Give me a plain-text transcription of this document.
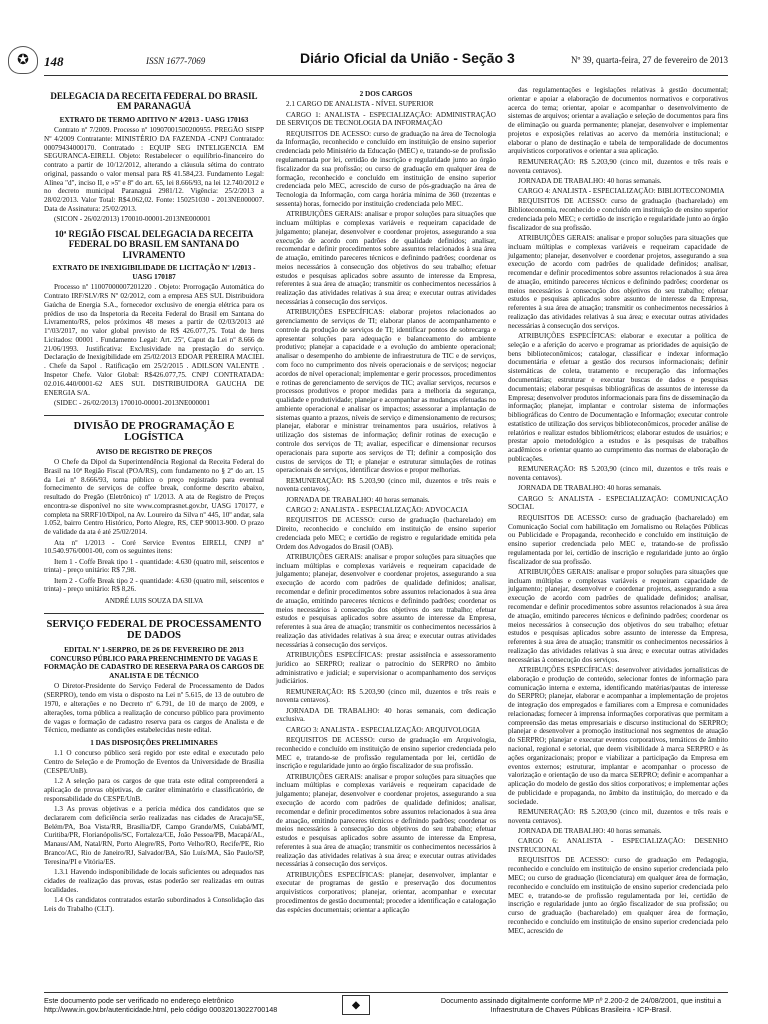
✪	148	ISSN 1677-7069	Diário Oficial da União - Seção 3	Nº 39, quarta-feira, 27 de fevereiro de 2013
DELEGACIA DA RECEITA FEDERAL DO BRASIL EM PARANAGUÁ

EXTRATO DE TERMO ADITIVO Nº 4/2013 - UASG 170163

Contrato nº 7/2009. Processo nº 10907001500200955. PREGÃO SISPP Nº 4/2009 Contratante: MINISTÉRIO DA FAZENDA -CNPJ Contratado: 00079434000170. Contratado : EQUIP SEG INTELIGENCIA EM SEGURANCA-EIRELI. Objeto: Restabelecer o equilíbrio-financeiro do contrato a partir de 10/12/2012, alterando a cláusula sétima do contrato original, passando o valor mensal para R$ 41.584,23. Fundamento Legal: Alínea "d", inciso II, e »5º e 8º do art. 65, lei 8.666/93, na lei 12.740/2012 e no decreto municipal Paranaguá 2981/12. Vigência: 25/2/2013 a 28/02/2013. Valor Total: R$4.062,02. Fonte: 150251030 - 2013NE000007. Data de Assinatura: 25/02/2013.

(SICON - 26/02/2013) 170010-00001-2013NE000001

10ª REGIÃO FISCAL DELEGACIA DA RECEITA FEDERAL DO BRASIL EM SANTANA DO LIVRAMENTO

EXTRATO DE INEXIGIBILIDADE DE LICITAÇÃO Nº 1/2013 - UASG 170187

Processo nº 11007000007201220 . Objeto: Prorrogação Automática do Contrato IRF/SLV/RS Nº 02/2012, com a empresa AES SUL Distribuidora Gaúcha de Energia S.A., fornecedor exclusivo de energia elétrica para os prédios de uso da Inspetoria da Receita Federal do Brasil em Santana do Livramento/RS, pelos próximos 48 meses a partir de 02/03/2013 até 1º/03/2017, no valor global previsto de R$ 426.077,75. Total de Itens Licitados: 00001 . Fundamento Legal: Art. 25º, Caput da Lei nº 8.666 de 21/06/1993. Justificativa: Exclusividade na prestação do serviço. Declaração de Inexigibilidade em 25/02/2013 EDOAR PEREIRA MACIEL . Chefe da Sapol . Ratificação em 25/2/2015 . ADILSON VALENTE . Inspetor Chefe. Valor Global: R$426.077,75. CNPJ CONTRATADA: 02.016.440/0001-62 AES SUL DISTRIBUIDORA GAUCHA DE ENERGIA S/A.

(SIDEC - 26/02/2013) 170010-00001-2013NE000001

DIVISÃO DE PROGRAMAÇÃO E LOGÍSTICA

AVISO DE REGISTRO DE PREÇOS

O Chefe da Dipol da Superintendência Regional da Receita Federal do Brasil na 10ª Região Fiscal (POA/RS), com fundamento no § 2º do art. 15 da Lei nº 8.666/93, torna público o preço registrado para eventual fornecimento de serviços de coffee break, conforme descrito abaixo, resultado do Pregão (Eletrônico) nº 1/2013. A ata de Registro de Preços encontra-se disponível no site www.comprasnet.gov.br, UASG 170177, e completa na SRRF10/Dipol, na Av. Loureiro da Silva nº 445, 10º andar, sala 1.052, bairro Centro Histórico, Porto Alegre, RS, CEP 90013-900. O prazo de validade da ata é até 25/02/2014.

Ata nº 1/2013 - Coré Service Eventos EIRELI, CNPJ nº 10.540.976/0001-00, com os seguintes itens:

Item 1 - Coffe Break tipo 1 - quantidade: 4.630 (quatro mil, seiscentos e trinta) - preço unitário: R$ 7,98.

Item 2 - Coffe Break tipo 2 - quantidade: 4.630 (quatro mil, seiscentos e trinta) - preço unitário: R$ 8,26.

ANDRÉ LUIS SOUZA DA SILVA

SERVIÇO FEDERAL DE PROCESSAMENTO DE DADOS

EDITAL Nº 1-SERPRO, DE 26 DE FEVEREIRO DE 2013 CONCURSO PÚBLICO PARA PREENCHIMENTO DE VAGAS E FORMAÇÃO DE CADASTRO DE RESERVA PARA OS CARGOS DE ANALISTA E DE TÉCNICO

O Diretor-Presidente do Serviço Federal de Processamento de Dados (SERPRO), tendo em vista o disposto na Lei nº 5.615, de 13 de outubro de 1970, e alterações e no Decreto nº 6.791, de 10 de março de 2009, e alterações, torna pública a realização de concurso público para provimento de vagas e formação de cadastro reserva para os cargos de Analista e de Técnico, mediante as condições estabelecidas neste edital.

1 DAS DISPOSIÇÕES PRELIMINARES

1.1 O concurso público será regido por este edital e executado pelo Centro de Seleção e de Promoção de Eventos da Universidade de Brasília (CESPE/UnB).

1.2 A seleção para os cargos de que trata este edital compreenderá a aplicação de provas objetivas, de caráter eliminatório e classificatório, de responsabilidade do CESPE/UnB.

1.3 As provas objetivas e a perícia médica dos candidatos que se declararem com deficiência serão realizadas nas cidades de Aracaju/SE, Belém/PA, Boa Vista/RR, Brasília/DF, Campo Grande/MS, Cuiabá/MT, Curitiba/PR, Florianópolis/SC, Fortaleza/CE, João Pessoa/PB, Macapá/AL, Manaus/AM, Natal/RN, Porto Alegre/RS, Porto Velho/RO, Recife/PE, Rio Branco/AC, Rio de Janeiro/RJ, Salvador/BA, São Luís/MA, São Paulo/SP, Teresina/PI e Vitória/ES.

1.3.1 Havendo indisponibilidade de locais suficientes ou adequados nas cidades de realização das provas, estas poderão ser realizadas em outras localidades.

1.4 Os candidatos contratados estarão subordinados à Consolidação das Leis do Trabalho (CLT).

2 DOS CARGOS

2.1 CARGO DE ANALISTA - NÍVEL SUPERIOR

CARGO 1: ANALISTA - ESPECIALIZAÇÃO: ADMINISTRAÇÃO DE SERVIÇOS DE TECNOLOGIA DA INFORMAÇÃO

REQUISITOS DE ACESSO: curso de graduação na área de Tecnologia da Informação, reconhecido e concluído em instituição de ensino superior credenciada pelo Ministério da Educação (MEC) e, tratando-se de profissão regulamentada por lei, certidão de inscrição e regularidade junto ao órgão fiscalizador da sua profissão; ou curso de graduação em qualquer área de formação, reconhecido e concluído em instituição de ensino superior credenciada pelo MEC, acrescido de curso de pós-graduação na área de Tecnologia da Informação, com carga horária mínima de 360 (trezentas e sessenta) horas, fornecido por instituição credenciada pelo MEC.

ATRIBUIÇÕES GERAIS: analisar e propor soluções para situações que incluam múltiplas e complexas variáveis e requeiram capacidade de julgamento; planejar, desenvolver e coordenar projetos, assegurando a sua execução de acordo com padrões de qualidade definidos; analisar, recomendar e definir procedimentos sobre assuntos relacionados à sua área de atuação, emitindo pareceres técnicos e definindo padrões; coordenar os meios necessários à consecução dos objetivos do seu trabalho; efetuar estudos e pesquisas aplicados sobre assunto de interesse da Empresa, referentes à sua área de atuação; transmitir os conhecimentos necessários à realização das atividades relativas à sua área; e executar outras atividades necessárias à consecução dos serviços.

ATRIBUIÇÕES ESPECÍFICAS: elaborar projetos relacionados ao gerenciamento de serviços de TI; elaborar planos de acompanhamento e controle da produção de serviços de TI; identificar pontos de sobrecarga e apresentar soluções para adequação e balanceamento do ambiente produtivo; planejar a capacidade e a evolução do ambiente operacional; analisar o desempenho do ambiente de infraestrutura de TIC e de serviços, com foco no cumprimento dos níveis operacionais e de serviços; negociar acordos de nível operacional; implementar e gerir processos, procedimentos e rotinas de gerenciamento de serviços de TIC; avaliar serviços, recursos e processos produtivos e propor medidas para a melhoria da segurança, qualidade e produtividade; planejar e acompanhar as mudanças efetuadas no ambiente operacional e analisar os impactos; assessorar a implantação de sistemas quanto a prazos, níveis de serviço e dimensionamento de recursos; planejar, elaborar e ministrar treinamentos para usuários, relativos à utilização dos sistemas de informação; definir rotinas de execução e controle dos serviços de TI; avaliar, especificar e dimensionar recursos operacionais para suporte aos serviços de TI; definir a composição dos custos de serviços de TI; e planejar e estruturar simulações de rotinas operacionais de serviços, identificar desvios e propor melhorias.

REMUNERAÇÃO: R$ 5.203,90 (cinco mil, duzentos e três reais e noventa centavos).

JORNADA DE TRABALHO: 40 horas semanais.

CARGO 2: ANALISTA - ESPECIALIZAÇÃO: ADVOCACIA

REQUISITOS DE ACESSO: curso de graduação (bacharelado) em Direito, reconhecido e concluído em instituição de ensino superior credenciada pelo MEC; e certidão de registro e regularidade emitida pela Ordem dos Advogados do Brasil (OAB).

ATRIBUIÇÕES GERAIS: analisar e propor soluções para situações que incluam múltiplas e complexas variáveis e requeiram capacidade de julgamento; planejar, desenvolver e coordenar projetos, assegurando a sua execução de acordo com padrões de qualidade definidos; analisar, recomendar e definir procedimentos sobre assuntos relacionados à sua área de atuação, emitindo pareceres técnicos e definindo padrões; coordenar os meios necessários à consecução dos objetivos do seu trabalho; efetuar estudos e pesquisas aplicados sobre assunto de interesse da Empresa, referentes à sua área de atuação; transmitir os conhecimentos necessários à realização das atividades relativas à sua área; e executar outras atividades necessárias à consecução dos serviços.

ATRIBUIÇÕES ESPECÍFICAS: prestar assistência e assessoramento jurídico ao SERPRO; realizar o patrocínio do SERPRO no âmbito administrativo e judicial; e supervisionar o acompanhamento dos serviços judiciários.

REMUNERAÇÃO: R$ 5.203,90 (cinco mil, duzentos e três reais e noventa centavos).

JORNADA DE TRABALHO: 40 horas semanais, com dedicação exclusiva.

CARGO 3: ANALISTA - ESPECIALIZAÇÃO: ARQUIVOLOGIA

REQUISITOS DE ACESSO: curso de graduação em Arquivologia, reconhecido e concluído em instituição de ensino superior credenciada pelo MEC e, tratando-se de profissão regulamentada por lei, certidão de inscrição e regularidade junto ao órgão fiscalizador de sua profissão.

ATRIBUIÇÕES GERAIS: analisar e propor soluções para situações que incluam múltiplas e complexas variáveis e requeiram capacidade de julgamento; planejar, desenvolver e coordenar projetos, assegurando a sua execução de acordo com padrões de qualidade definidos; analisar, recomendar e definir procedimentos sobre assuntos relacionados à sua área de atuação, emitindo pareceres técnicos e definindo padrões; coordenar os meios necessários à consecução dos objetivos do seu trabalho; efetuar estudos e pesquisas aplicados sobre assunto de interesse da Empresa, referentes à sua área de atuação; transmitir os conhecimentos necessários à realização das atividades relativas à sua área; e executar outras atividades necessárias à consecução dos serviços.

ATRIBUIÇÕES ESPECÍFICAS: planejar, desenvolver, implantar e executar de programas de gestão e preservação dos documentos arquivísticos corporativos; planejar, orientar, acompanhar e executar procedimentos de gestão documental; proceder a identificação e catalogação das espécies documentais; orientar a aplicação

das regulamentações e legislações relativas à gestão documental; orientar e apoiar a elaboração de documentos normativos e corporativos acerca do tema; orientar, apoiar e acompanhar o desenvolvimento de sistemas de arquivos; orientar a avaliação e seleção de documentos para fins de eliminação ou guarda permanente; planejar, desenvolver e implementar projetos e exposições relativas ao acervo da memória institucional; e elaborar o plano de destinação e tabela de temporalidade de documentos arquivísticos corporativos e orientar a sua aplicação.

REMUNERAÇÃO: R$ 5.203,90 (cinco mil, duzentos e três reais e noventa centavos).

JORNADA DE TRABALHO: 40 horas semanais.

CARGO 4: ANALISTA - ESPECIALIZAÇÃO: BIBLIOTECONOMIA

REQUISITOS DE ACESSO: curso de graduação (bacharelado) em Biblioteconomia, reconhecido e concluído em instituição de ensino superior credenciada pelo MEC; e certidão de inscrição e regularidade junto ao órgão fiscalizador de sua profissão.

ATRIBUIÇÕES GERAIS: analisar e propor soluções para situações que incluam múltiplas e complexas variáveis e requeiram capacidade de julgamento; planejar, desenvolver e coordenar projetos, assegurando a sua execução de acordo com padrões de qualidade definidos; analisar, recomendar e definir procedimentos sobre assuntos relacionados à sua área de atuação, emitindo pareceres técnicos e definindo padrões; coordenar os meios necessários à consecução dos objetivos do seu trabalho; efetuar estudos e pesquisas aplicados sobre assunto de interesse da Empresa, referentes à sua área de atuação; transmitir os conhecimentos necessários à realização das atividades relativas à sua área; e executar outras atividades necessárias à consecução dos serviços.

ATRIBUIÇÕES ESPECÍFICAS: elaborar e executar a política de seleção e a aferição do acervo e programar as prioridades de aquisição de bens biblioteconômicos; catalogar, classificar e indexar informação documentária e efetuar a gestão dos recursos informacionais; definir sistemáticas de coleta, tratamento e recuperação das informações documentárias; estruturar e executar buscas de dados e pesquisas documentais; elaborar pesquisas bibliográficas de assuntos de interesse da Empresa; desenvolver produtos informacionais para fins de disseminação da informação; planejar, implantar e controlar sistema de informações bibliográficas do Centro de Documentação e Informação; executar controle estatístico de utilização dos serviços biblioteconômicos, proceder análise de relatórios e realizar estudos bibliométricos; elaborar estudos de usuários; e prestar apoio metodológico a estudos e às pesquisas de trabalhos acadêmicos e orientar quanto ao cumprimento das normas de elaboração de publicações.

REMUNERAÇÃO: R$ 5.203,90 (cinco mil, duzentos e três reais e noventa centavos).

JORNADA DE TRABALHO: 40 horas semanais.

CARGO 5: ANALISTA - ESPECIALIZAÇÃO: COMUNICAÇÃO SOCIAL

REQUISITOS DE ACESSO: curso de graduação (bacharelado) em Comunicação Social com habilitação em Jornalismo ou Relações Públicas ou Publicidade e Propaganda, reconhecido e concluído em instituição de ensino superior credenciada pelo MEC e, tratando-se de profissão regulamentada por lei, certidão de inscrição e regularidade junto ao órgão fiscalizador de sua profissão.

ATRIBUIÇÕES GERAIS: analisar e propor soluções para situações que incluam múltiplas e complexas variáveis e requeiram capacidade de julgamento; planejar, desenvolver e coordenar projetos, assegurando a sua execução de acordo com padrões de qualidade definidos; analisar, recomendar e definir procedimentos sobre assuntos relacionados à sua área de atuação, emitindo pareceres técnicos e definindo padrões; coordenar os meios necessários à consecução dos objetivos do seu trabalho; efetuar estudos e pesquisas aplicados sobre assunto de interesse da Empresa, referentes à sua área de atuação; transmitir os conhecimentos necessários à realização das atividades relativas à sua área; e executar outras atividades necessárias à consecução dos serviços.

ATRIBUIÇÕES ESPECÍFICAS: desenvolver atividades jornalísticas de elaboração e produção de conteúdo, selecionar fontes de informação para comunicação interna e externa, identificando matérias/pautas de interesse do SERPRO; planejar, elaborar e acompanhar a implementação de projetos de integração dos empregados e familiares com a Empresa e comunidades relacionadas; fornecer à imprensa informações corporativas que permitam a compreensão das metas empresariais e discurso institucional do SERPRO; planejar e desenvolver a promoção institucional nos segmentos de atuação do SERPRO; planejar e executar eventos corporativos, temáticos de âmbito nacional, regional e setorial, que deem visibilidade à marca SERPRO e às ações organizacionais; propor e viabilizar a participação da Empresa em eventos externos; estruturar, implantar e acompanhar o processo de valorização e orientação de uso da marca SERPRO; definir e acompanhar a aplicação do modelo de gestão dos sítios corporativos; e implementar ações de publicidade e propaganda, no âmbito da instituição, do mercado e da sociedade.

REMUNERAÇÃO: R$ 5.203,90 (cinco mil, duzentos e três reais e noventa centavos).

JORNADA DE TRABALHO: 40 horas semanais.

CARGO 6: ANALISTA - ESPECIALIZAÇÃO: DESENHO INSTRUCIONAL

REQUISITOS DE ACESSO: curso de graduação em Pedagogia, reconhecido e concluído em instituição de ensino superior credenciada pelo MEC; ou curso de graduação (licenciatura) em qualquer área de formação, reconhecido e concluído em instituição de ensino superior credenciada pelo MEC e, tratando-se de profissão regulamentada por lei, certidão de inscrição e regularidade junto ao órgão fiscalizador de sua profissão; ou curso de graduação (bacharelado) em qualquer área de formação, reconhecido e concluído em instituição de ensino superior credenciada pelo MEC, acrescido de

Este documento pode ser verificado no endereço eletrônico http://www.in.gov.br/autenticidade.html, pelo código 00032013022700148	◆	Documento assinado digitalmente conforme MP nº 2.200-2 de 24/08/2001, que institui a Infraestrutura de Chaves Públicas Brasileira - ICP-Brasil.
